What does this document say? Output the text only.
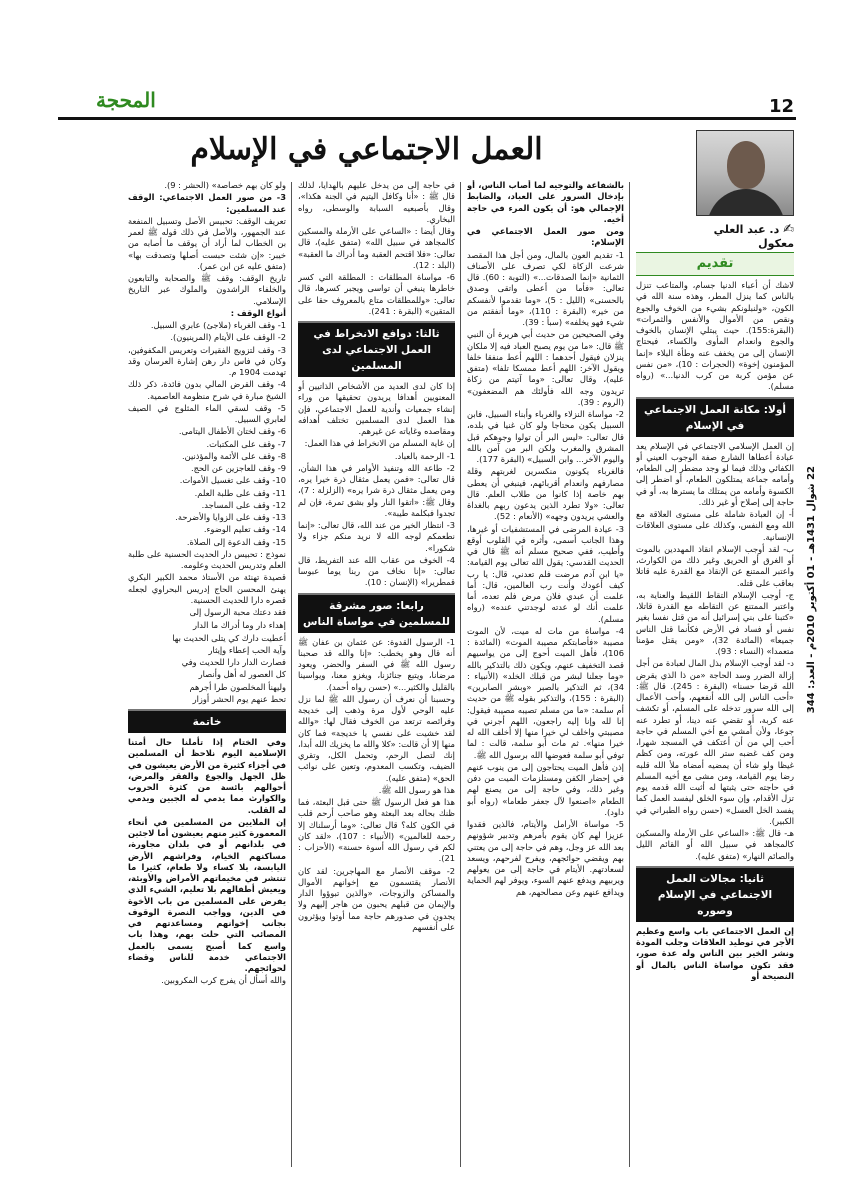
22 شوال 1431هـ - 01 أكتوبر 2010م - العدد: 344
12
المحجة
العمل الاجتماعي في الإسلام
✍ د. عبد العلي معكول
تقديم

لاشك أن أعباء الدنيا جسام، والمتاعب تنزل بالناس كما ينزل المطر، وهذه سنة الله في الكون، «ولنبلونكم بشيء من الخوف والجوع ونقص من الأموال والأنفس والثمرات» (البقرة:155). حيث يبتلي الإنسان بالخوف والجوع وانعدام المأوى والكساء، فيحتاج الإنسان إلى من يخفف عنه وطأة البلاء «إنما المؤمنون إخوة» (الحجرات : 10)، «من نفس عن مؤمن كربة من كرب الدنيا...» (رواه مسلم).

أولا: مكانة العمل الاجتماعي في الإسلام

إن العمل الإسلامي الاجتماعي في الإسلام يعد عبادة أعطاها الشارع صفة الوجوب العيني أو الكفائي وذلك فيما لو وجد مضطر إلى الطعام، وأمامه جماعة يمتلكون الطعام، أو اضطر إلى الكسوة وأمامه من يمتلك ما يسترها به، أو في حاجة إلى إصلاح أو غير ذلك.

أ- إن العبادة شاملة على مستوى العلاقة مع الله ومع النفس، وكذلك على مستوى العلاقات الإنسانية.

ب- لقد أوجب الإسلام انقاذ المهددين بالموت أو الغرق أو الحريق وغير ذلك من الكوارث، واعتبر الممتنع عن الإنقاذ مع القدرة عليه قاتلا بعاقب على قتله.

ج- أوجب الإسلام التقاط اللقيط والعناية به، واعتبر الممتنع عن التقاطه مع القدرة قاتلا، «كتبنا على بني إسرائيل أنه من قتل نفسا بغير نفس أو فساد في الأرض فكأنما قتل الناس جميعا» (المائدة 32)، «ومن يقتل مؤمنا متعمدا» (النساء : 93).

د- لقد أوجب الإسلام بذل المال لعبادة من أجل إزالة الضرر وسد الحاجة «من ذا الذي يقرض الله قرضا حسنا» (البقرة : 245). قال ﷺ: «أحب الناس إلى الله أنفعهم، وأحب الأعمال إلى الله سرور تدخله على المسلم، أو تكشف عنه كربة، أو تقضي عنه دينا، أو تطرد عنه جوعا، ولأن أمشي مع أخي المسلم في حاجة أحب إلي من أن أعتكف في المسجد شهرا، ومن كف غضبه ستر الله عورته، ومن كظم غيظا ولو شاء أن يمضيه أمضاه ملأ الله قلبه رضا يوم القيامة، ومن مشى مع أخيه المسلم في حاجته حتى يثبتها له أثبت الله قدمه يوم تزل الأقدام، وإن سوء الخلق ليفسد العمل كما يفسد الخل العسل» (حسن رواه الطبراني في الكبير).

هـ- قال ﷺ: «الساعي على الأرملة والمسكين كالمجاهد في سبيل الله أو القائم الليل والصائم النهار» (متفق عليه).

ثانيا: مجالات العمل الاجتماعي في الإسلام وصوره

إن العمل الاجتماعي باب واسع وعظيم الأجر في توطيد العلاقات وجلب المودة ونشر الخير بين الناس وله عدة صور، فقد تكون مواساة الناس بالمال أو النصيحة أو

بالشفاعة والتوجيه لما أصاب الناس، أو بإدخال السرور على العباد، والضابط الإجمالي هو: أن يكون المرء في حاجة أخيه.

ومن صور العمل الاجتماعي في الإسلام:

1- تقديم العون بالمال، ومن أجل هذا المقصد شرعت الزكاة لكي تصرف على الأصناف الثمانية «إنما الصدقات...» (التوبة : 60). قال تعالى: «فأما من أعطى واتقى وصدق بالحسنى» (الليل : 5)، «وما تقدموا لأنفسكم من خير» (البقرة : 110)، «وما أنفقتم من شيء فهو يخلفه» (سبأ : 39).

وفي الصحيحين من حديث أبي هريرة أن النبي ﷺ قال: «ما من يوم يصبح العباد فيه إلا ملكان ينزلان فيقول أحدهما : اللهم أعط منفقا خلفا ويقول الآخر: اللهم أعط ممسكا تلفا» (متفق عليه)، وقال تعالى: «وما آتيتم من زكاة تريدون وجه الله فأولئك هم المضعفون» (الروم : 39).

2- مواساة النزلاء والغرباء وأبناء السبيل، فابن السبيل يكون محتاجا ولو كان غنيا في بلده، قال تعالى: «ليس البر أن تولوا وجوهكم قبل المشرق والمغرب ولكن البر من آمن بالله واليوم الآخر... وابن السبيل» (البقرة 177).

فالغرباء يكونون منكسرين لغربتهم وقلة مصارفهم وانعدام أقربائهم، فينبغي أن يعطى بهم خاصة إذا كانوا من طلاب العلم. قال تعالى: «ولا تطرد الذين يدعون ربهم بالغداة والعشي يريدون وجهه» (الأنعام : 52).

3- عيادة المرضى في المستشفيات أو غيرها، وهذا الجانب أسمى، وأثره في القلوب أوقع وأطيب، ففي صحيح مسلم أنه ﷺ قال في الحديث القدسي: يقول الله تعالى يوم القيامة: «يا ابن آدم مرضت فلم تعدني، قال: يا رب كيف أعودك وأنت رب العالمين، قال: أما علمت أن عبدي فلان مرض فلم تعده، أما علمت أنك لو عدته لوجدتني عنده» (رواه مسلم).

4- مواساة من مات له ميت، لأن الموت مصيبة «فأصابتكم مصيبة الموت» (المائدة : 106)، فأهل الميت أحوج إلى من يواسيهم قصد التخفيف عنهم، ويكون ذلك بالتذكير بالله «وما جعلنا لبشر من قبلك الخلد» (الأنبياء : 34)، ثم التذكير بالصبر «وبشر الصابرين» (البقرة : 155)، والتذكير بقوله ﷺ من حديث أم سلمة: «ما من مسلم تصيبه مصيبة فيقول: إنا لله وإنا إليه راجعون، اللهم أجرني في مصيبتي واخلف لي خيرا منها إلا أخلف الله له خيرا منها». ثم مات أبو سلمة، قالت : لما توفي أبو سلمة فعوضها الله برسول الله ﷺ.

إذن فأهل الميت يحتاجون إلى من ينوب عنهم في إحضار الكفن ومستلزمات الميت من دفن وغير ذلك، وفي حاجة إلى من يصنع لهم الطعام «اصنعوا لآل جعفر طعاما» (رواه أبو داود).

5- مواساة الأرامل والأيتام، فالذين فقدوا عزيزا لهم كان يقوم بأمرهم وتدبير شؤونهم بعد الله عز وجل، وهم في حاجة إلى من يعتني بهم ويقضي حوائجهم، ويفرح لفرحهم، ويسعد لسعادتهم. الأيتام في حاجة إلى من يعولهم ويربيهم ويدفع عنهم السوء، ويوفر لهم الحماية ويدافع عنهم وعن مصالحهم، هم

في حاجة إلى من يدخل عليهم بالهدايا، لذلك قال ﷺ : «أنا وكافل اليتيم في الجنة هكذا»، وقال بأصبعيه السبابة والوسطى، رواه البخاري.

وقال أيضا : «الساعي على الأرملة والمسكين كالمجاهد في سبيل الله» (متفق عليه)، قال تعالى: «فلا اقتحم العقبة وما أدراك ما العقبة» (البلد : 12).

6- مواساة المطلقات : المطلقة التي كسر خاطرها ينبغي أن تواسى ويجبر كسرها، قال تعالى: «وللمطلقات متاع بالمعروف حقا على المتقين» (البقرة : 241).

ثالثا: دوافع الانخراط في العمل الاجتماعي لدى المسلمين

إذا كان لدى العديد من الأشخاص الذاتيين أو المعنويين أهدافا يريدون تحقيقها من وراء إنشاء جمعيات وأندية للعمل الاجتماعي، فإن هذا العمل لدى المسلمين تختلف أهدافه ومقاصده وغاياته عن غيرهم.

إن غاية المسلم من الانخراط في هذا العمل:

1- الرحمة بالعباد.

2- طاعة الله وتنفيذ الأوامر في هذا الشأن، قال تعالى: «فمن يعمل مثقال ذرة خيرا يره، ومن يعمل مثقال ذرة شرا يره» (الزلزلة : 7)، وقال ﷺ: «اتقوا النار ولو بشق تمرة، فإن لم تجدوا فبكلمة طيبة».

3- انتظار الخير من عند الله، قال تعالى: «إنما نطعمكم لوجه الله لا نريد منكم جزاء ولا شكورا».

4- الخوف من عقاب الله عند التفريط، قال تعالى: «إنا نخاف من ربنا يوما عبوسا قمطريرا» (الإنسان : 10).

رابعا: صور مشرقة للمسلمين في مواساة الناس

1- الرسول القدوة: عن عثمان بن عفان ﷺ أنه قال وهو يخطب: «إنا والله قد صحبنا رسول الله ﷺ في السفر والحضر، ويعود مرضانا، ويتبع جنائزنا، ويغزو معنا، ويواسينا بالقليل والكثير...» (حسن رواه أحمد).

وحسبنا أن نعرف أن رسول الله ﷺ لما نزل عليه الوحي لأول مرة وذهب إلى خديجة وفرائصه ترتعد من الخوف فقال لها: «والله لقد خشيت على نفسي يا خديجة» فما كان منها إلا أن قالت: «كلا والله ما يخزيك الله أبدا، إنك لتصل الرحم، وتحمل الكل، وتقري الضيف، وتكسب المعدوم، وتعين على نوائب الحق» (متفق عليه).

هذا هو رسول الله ﷺ.

هذا هو فعل الرسول ﷺ حتى قبل البعثة، فما ظنك بحاله بعد البعثة وهو صاحب أرحم قلب في الكون كله؟ قال تعالى: «وما أرسلناك إلا رحمة للعالمين» (الأنبياء : 107)، «لقد كان لكم في رسول الله أسوة حسنة» (الأحزاب : 21).

2- موقف الأنصار مع المهاجرين: لقد كان الأنصار يقتسمون مع إخوانهم الأموال والمساكن والزوجات، «والذين تبوؤوا الدار والإيمان من قبلهم يحبون من هاجر إليهم ولا يجدون في صدورهم حاجة مما أوتوا ويؤثرون على أنفسهم

ولو كان بهم خصاصة» (الحشر : 9).

3- من صور العمل الاجتماعي: الوقف عند المسلمين:

تعريف الوقف: تحبيس الأصل وتسبيل المنفعة عند الجمهور، والأصل في ذلك قوله ﷺ لعمر بن الخطاب لما أراد أن يوقف ما أصابه من خيبر: «إن شئت حبست أصلها وتصدقت بها» (متفق عليه عن ابن عمر).

تاريخ الوقف: وقف ﷺ والصحابة والتابعون والخلفاء الراشدون والملوك عبر التاريخ الإسلامي.

أنواع الوقف :

1- وقف الغرباء (ملاجئ) عابري السبيل.

2- الوقف على الأيتام (المرينيون).

3- وقف لتزويج الفقيرات وتعريس المكفوفين، وكان في فاس دار رهن إشارة العرسان وقد تهدمت 1904 م.

4- وقف القرض المالي بدون فائدة، ذكر ذلك الشيخ مبارة في شرح منظومة العاصمية.

5- وقف لسقي الماء المثلوج في الصيف لعابري السبيل.

6- وقف لختان الأطفال اليتامى.

7- وقف على المكتبات.

8- وقف على الأئمة والمؤذنين.

9- وقف للعاجزين عن الحج.

10- وقف على تغسيل الأموات.

11- وقف على طلبة العلم.

12- وقف على المساجد.

13- وقف على الزوايا والأضرحة.

14- وقف تعليم الوضوء.

15- وقف الدعوة إلى الصلاة.

نموذج : تحبيس دار الحديث الحسنية على طلبة العلم وتدريس الحديث وعلومه.

قصيدة تهنئة من الأستاذ محمد الكبير البكري يهنئ المحسن الحاج إدريس البحراوي لجعله قصره دارا للحديث الحسنية.

فقد دعتك محبة الرسول إلى

إهداء دار وما أدراك ما الدار
أعطيت دارك كي يتلى الحديث بها
وآية الحب إعطاء وإيثار
فصارت الدار دارا للحديث وفي
كل العصور له أهل وأنصار
وليهنأ المخلصون طرا أجرهم
تحط عنهم يوم الحشر أوزار
خاتمة

وفي الختام إذا تأملنا حال أمتنا الإسلامية اليوم نلاحظ أن المسلمين في أجزاء كثيرة من الأرض يعيشون في ظل الجهل والجوع والفقر والمرض، أحوالهم بائسة من كثرة الحروب والكوارث مما يدمي له الجبين ويدمي له القلب.

إن الملايين من المسلمين في أنحاء المعمورة كثير منهم يعيشون أما لاجئين في بلدانهم أو في بلدان مجاورة، مساكنهم الخيام، وفراشهم الأرض اليابسة، بلا كساء ولا طعام، كثيرا ما تنتشر في مخيماتهم الأمراض والأوبئة، ويعيش أطفالهم بلا تعليم، الشيء الذي يفرض على المسلمين من باب الأخوة في الدين، وواجب النصرة الوقوف بجانب إخوانهم ومساعدتهم في المصائب التي حلت بهم، وهذا باب واسع كما أصبح يسمى بالعمل الاجتماعي خدمة للناس وقضاء لحوائجهم.

والله أسأل أن يفرج كرب المكروبين.
